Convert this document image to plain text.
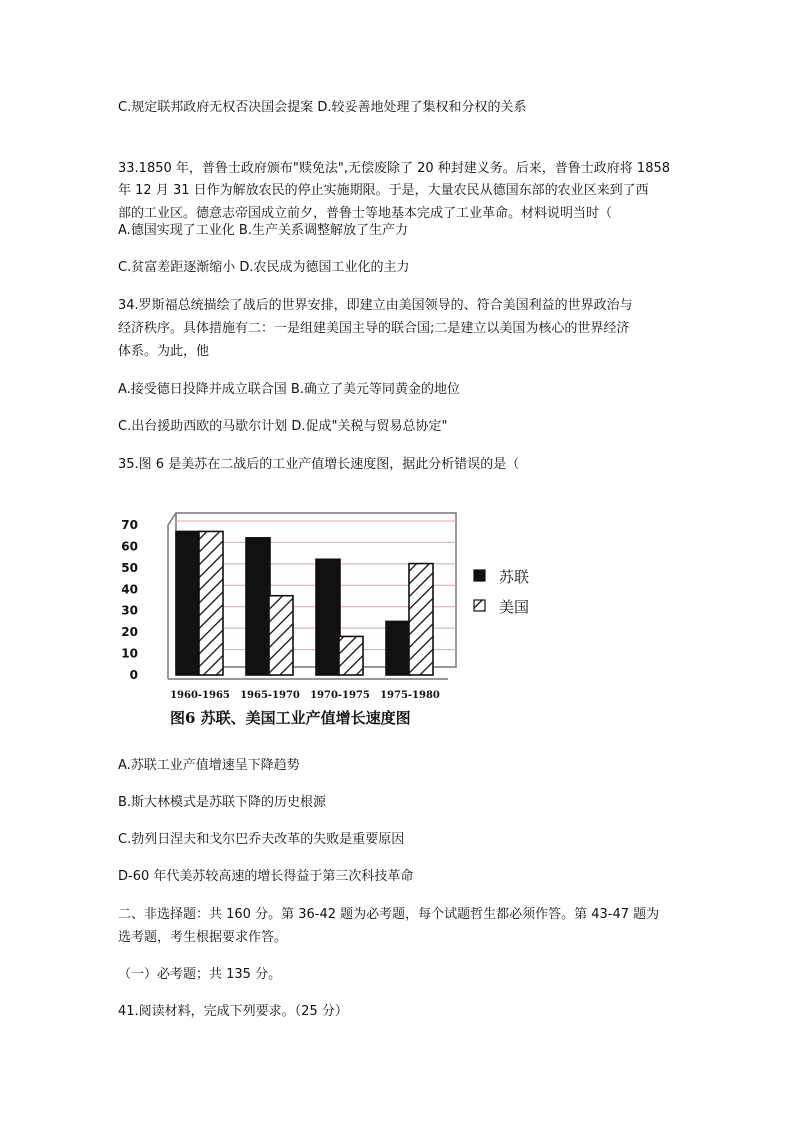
C.规定联邦政府无权否决国会提案 D.较妥善地处理了集权和分权的关系

33.1850 年，普鲁士政府颁布"赎免法",无偿废除了 20 种封建义务。后来，普鲁士政府将 1858

年 12 月 31 日作为解放农民的停止实施期限。于是，大量农民从德国东部的农业区来到了西

部的工业区。德意志帝国成立前夕，普鲁士等地基本完成了工业革命。材料说明当时（

A.德国实现了工业化 B.生产关系调整解放了生产力

C.贫富差距逐渐缩小 D.农民成为德国工业化的主力

34.罗斯福总统描绘了战后的世界安排，即建立由美国领导的、符合美国利益的世界政治与

经济秩序。具体措施有二：一是组建美国主导的联合国;二是建立以美国为核心的世界经济

体系。为此，他

A.接受德日投降并成立联合国 B.确立了美元等同黄金的地位

C.出台援助西欧的马歇尔计划 D.促成"关税与贸易总协定"

35.图 6 是美苏在二战后的工业产值增长速度图，据此分析错误的是（

70
60
50
40
30
20
10
0
1960-1965 1965-1970 1970-1975 1975-1980
苏联
美国
图6 苏联、美国工业产值增长速度图

A.苏联工业产值增速呈下降趋势

B.斯大林模式是苏联下降的历史根源

C.勃列日涅夫和戈尔巴乔夫改革的失败是重要原因

D-60 年代美苏较高速的增长得益于第三次科技革命

二、非选择题：共 160 分。第 36-42 题为必考题，每个试题哲生都必须作答。第 43-47 题为

选考题，考生根据要求作答。

（一）必考题；共 135 分。

41.阅读材料，完成下列要求。（25 分）
